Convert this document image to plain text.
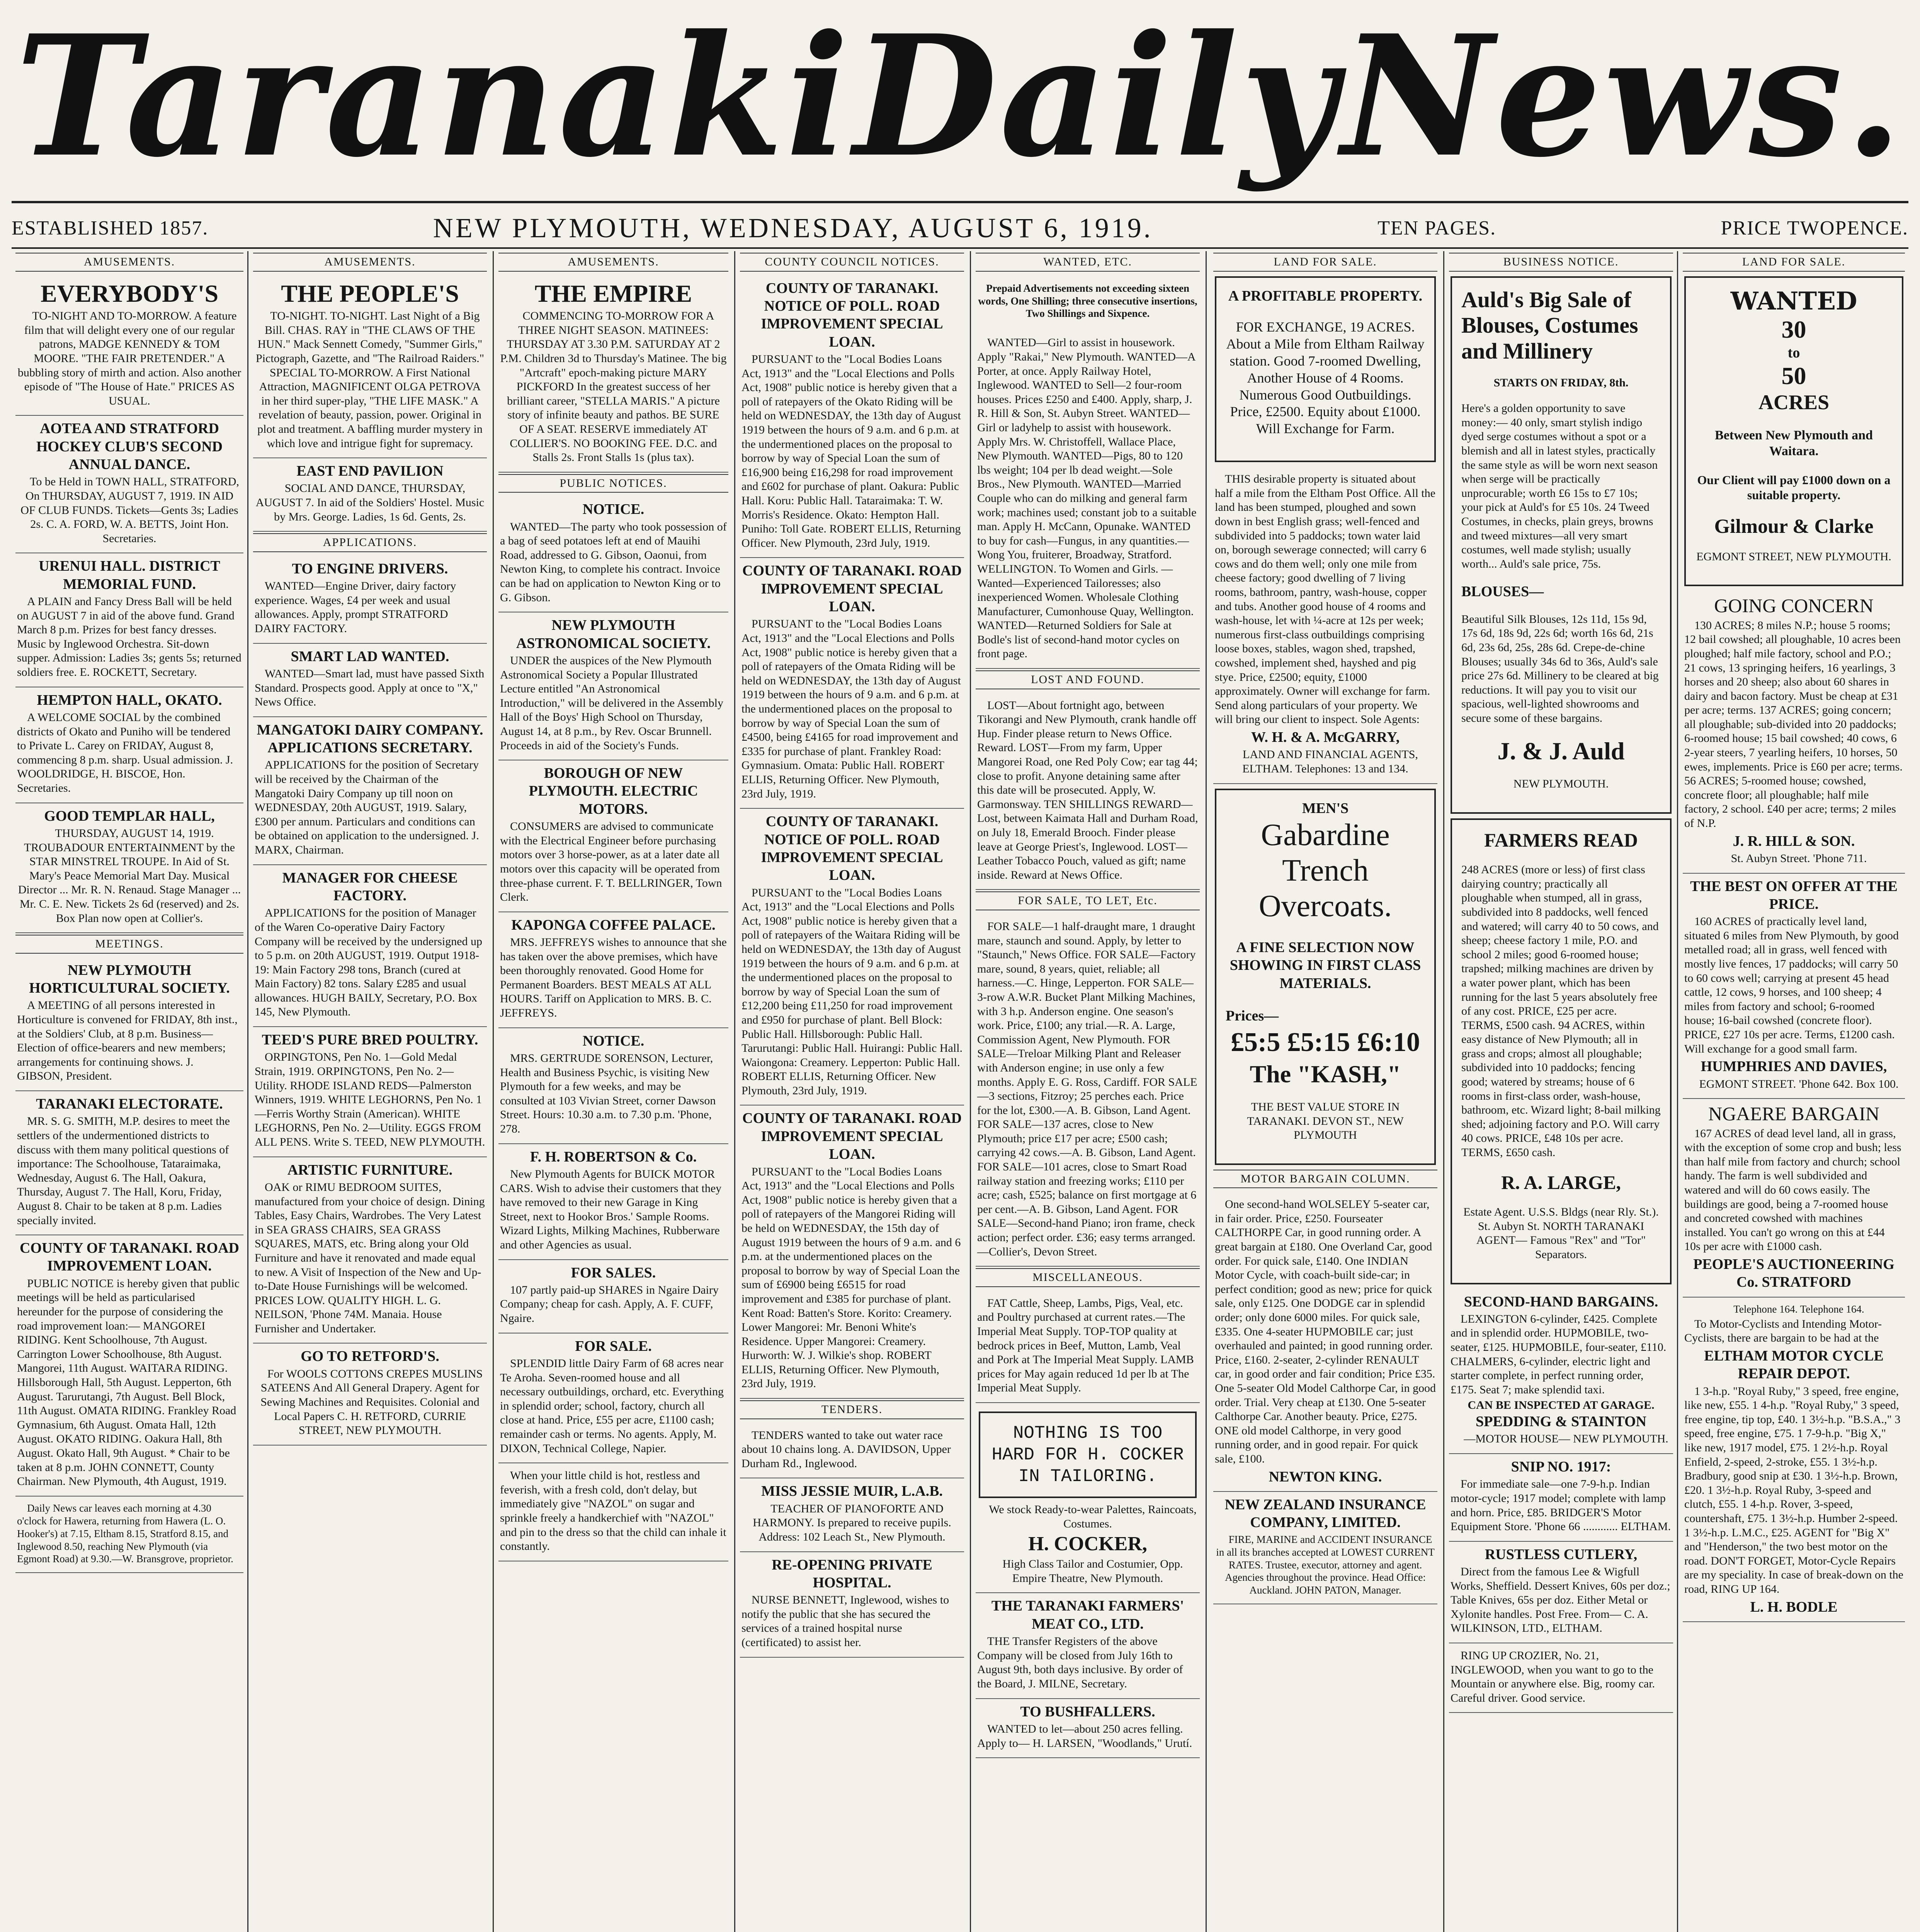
Taranaki Daily News.
ESTABLISHED 1857.	NEW PLYMOUTH, WEDNESDAY, AUGUST 6, 1919.	TEN PAGES.	PRICE TWOPENCE.
AMUSEMENTS.
EVERYBODY'S

TO-NIGHT AND TO-MORROW. A feature film that will delight every one of our regular patrons, MADGE KENNEDY & TOM MOORE. "THE FAIR PRETENDER." A bubbling story of mirth and action. Also another episode of "The House of Hate." PRICES AS USUAL.

AOTEA AND STRATFORD HOCKEY CLUB'S SECOND ANNUAL DANCE.

To be Held in TOWN HALL, STRATFORD, On THURSDAY, AUGUST 7, 1919. IN AID OF CLUB FUNDS. Tickets—Gents 3s; Ladies 2s. C. A. FORD, W. A. BETTS, Joint Hon. Secretaries.

URENUI HALL. DISTRICT MEMORIAL FUND.

A PLAIN and Fancy Dress Ball will be held on AUGUST 7 in aid of the above fund. Grand March 8 p.m. Prizes for best fancy dresses. Music by Inglewood Orchestra. Sit-down supper. Admission: Ladies 3s; gents 5s; returned soldiers free. E. ROCKETT, Secretary.

HEMPTON HALL, OKATO.

A WELCOME SOCIAL by the combined districts of Okato and Puniho will be tendered to Private L. Carey on FRIDAY, August 8, commencing 8 p.m. sharp. Usual admission. J. WOOLDRIDGE, H. BISCOE, Hon. Secretaries.

GOOD TEMPLAR HALL,

THURSDAY, AUGUST 14, 1919. TROUBADOUR ENTERTAINMENT by the STAR MINSTREL TROUPE. In Aid of St. Mary's Peace Memorial Mart Day. Musical Director ... Mr. R. N. Renaud. Stage Manager ... Mr. C. E. New. Tickets 2s 6d (reserved) and 2s. Box Plan now open at Collier's.

MEETINGS.
NEW PLYMOUTH HORTICULTURAL SOCIETY.

A MEETING of all persons interested in Horticulture is convened for FRIDAY, 8th inst., at the Soldiers' Club, at 8 p.m. Business—Election of office-bearers and new members; arrangements for continuing shows. J. GIBSON, President.

TARANAKI ELECTORATE.

MR. S. G. SMITH, M.P. desires to meet the settlers of the undermentioned districts to discuss with them many political questions of importance: The Schoolhouse, Tataraimaka, Wednesday, August 6. The Hall, Oakura, Thursday, August 7. The Hall, Koru, Friday, August 8. Chair to be taken at 8 p.m. Ladies specially invited.

COUNTY OF TARANAKI. ROAD IMPROVEMENT LOAN.

PUBLIC NOTICE is hereby given that public meetings will be held as particularised hereunder for the purpose of considering the road improvement loan:— MANGOREI RIDING. Kent Schoolhouse, 7th August. Carrington Lower Schoolhouse, 8th August. Mangorei, 11th August. WAITARA RIDING. Hillsborough Hall, 5th August. Lepperton, 6th August. Tarurutangi, 7th August. Bell Block, 11th August. OMATA RIDING. Frankley Road Gymnasium, 6th August. Omata Hall, 12th August. OKATO RIDING. Oakura Hall, 8th August. Okato Hall, 9th August. * Chair to be taken at 8 p.m. JOHN CONNETT, County Chairman. New Plymouth, 4th August, 1919.

Daily News car leaves each morning at 4.30 o'clock for Hawera, returning from Hawera (L. O. Hooker's) at 7.15, Eltham 8.15, Stratford 8.15, and Inglewood 8.50, reaching New Plymouth (via Egmont Road) at 9.30.—W. Bransgrove, proprietor.

AMUSEMENTS.
THE PEOPLE'S

TO-NIGHT. TO-NIGHT. Last Night of a Big Bill. CHAS. RAY in "THE CLAWS OF THE HUN." Mack Sennett Comedy, "Summer Girls," Pictograph, Gazette, and "The Railroad Raiders." SPECIAL TO-MORROW. A First National Attraction, MAGNIFICENT OLGA PETROVA in her third super-play, "THE LIFE MASK." A revelation of beauty, passion, power. Original in plot and treatment. A baffling murder mystery in which love and intrigue fight for supremacy.

EAST END PAVILION

SOCIAL AND DANCE, THURSDAY, AUGUST 7. In aid of the Soldiers' Hostel. Music by Mrs. George. Ladies, 1s 6d. Gents, 2s.

APPLICATIONS.
TO ENGINE DRIVERS.

WANTED—Engine Driver, dairy factory experience. Wages, £4 per week and usual allowances. Apply, prompt STRATFORD DAIRY FACTORY.

SMART LAD WANTED.

WANTED—Smart lad, must have passed Sixth Standard. Prospects good. Apply at once to "X," News Office.

MANGATOKI DAIRY COMPANY. APPLICATIONS SECRETARY.

APPLICATIONS for the position of Secretary will be received by the Chairman of the Mangatoki Dairy Company up till noon on WEDNESDAY, 20th AUGUST, 1919. Salary, £300 per annum. Particulars and conditions can be obtained on application to the undersigned. J. MARX, Chairman.

MANAGER FOR CHEESE FACTORY.

APPLICATIONS for the position of Manager of the Waren Co-operative Dairy Factory Company will be received by the undersigned up to 5 p.m. on 20th AUGUST, 1919. Output 1918-19: Main Factory 298 tons, Branch (cured at Main Factory) 82 tons. Salary £285 and usual allowances. HUGH BAILY, Secretary, P.O. Box 145, New Plymouth.

TEED'S PURE BRED POULTRY.

ORPINGTONS, Pen No. 1—Gold Medal Strain, 1919. ORPINGTONS, Pen No. 2—Utility. RHODE ISLAND REDS—Palmerston Winners, 1919. WHITE LEGHORNS, Pen No. 1—Ferris Worthy Strain (American). WHITE LEGHORNS, Pen No. 2—Utility. EGGS FROM ALL PENS. Write S. TEED, NEW PLYMOUTH.

ARTISTIC FURNITURE.

OAK or RIMU BEDROOM SUITES, manufactured from your choice of design. Dining Tables, Easy Chairs, Wardrobes. The Very Latest in SEA GRASS CHAIRS, SEA GRASS SQUARES, MATS, etc. Bring along your Old Furniture and have it renovated and made equal to new. A Visit of Inspection of the New and Up-to-Date House Furnishings will be welcomed. PRICES LOW. QUALITY HIGH. L. G. NEILSON, 'Phone 74M. Manaia. House Furnisher and Undertaker.

GO TO RETFORD'S.

For WOOLS COTTONS CREPES MUSLINS SATEENS And All General Drapery. Agent for Sewing Machines and Requisites. Colonial and Local Papers C. H. RETFORD, CURRIE STREET, NEW PLYMOUTH.

AMUSEMENTS.
THE EMPIRE

COMMENCING TO-MORROW FOR A THREE NIGHT SEASON. MATINEES: THURSDAY AT 3.30 P.M. SATURDAY AT 2 P.M. Children 3d to Thursday's Matinee. The big "Artcraft" epoch-making picture MARY PICKFORD In the greatest success of her brilliant career, "STELLA MARIS." A picture story of infinite beauty and pathos. BE SURE OF A SEAT. RESERVE immediately AT COLLIER'S. NO BOOKING FEE. D.C. and Stalls 2s. Front Stalls 1s (plus tax).

PUBLIC NOTICES.
NOTICE.

WANTED—The party who took possession of a bag of seed potatoes left at end of Mauihi Road, addressed to G. Gibson, Oaonui, from Newton King, to complete his contract. Invoice can be had on application to Newton King or to G. Gibson.

NEW PLYMOUTH ASTRONOMICAL SOCIETY.

UNDER the auspices of the New Plymouth Astronomical Society a Popular Illustrated Lecture entitled "An Astronomical Introduction," will be delivered in the Assembly Hall of the Boys' High School on Thursday, August 14, at 8 p.m., by Rev. Oscar Brunnell. Proceeds in aid of the Society's Funds.

BOROUGH OF NEW PLYMOUTH. ELECTRIC MOTORS.

CONSUMERS are advised to communicate with the Electrical Engineer before purchasing motors over 3 horse-power, as at a later date all motors over this capacity will be operated from three-phase current. F. T. BELLRINGER, Town Clerk.

KAPONGA COFFEE PALACE.

MRS. JEFFREYS wishes to announce that she has taken over the above premises, which have been thoroughly renovated. Good Home for Permanent Boarders. BEST MEALS AT ALL HOURS. Tariff on Application to MRS. B. C. JEFFREYS.

NOTICE.

MRS. GERTRUDE SORENSON, Lecturer, Health and Business Psychic, is visiting New Plymouth for a few weeks, and may be consulted at 103 Vivian Street, corner Dawson Street. Hours: 10.30 a.m. to 7.30 p.m. 'Phone, 278.

F. H. ROBERTSON & Co.

New Plymouth Agents for BUICK MOTOR CARS. Wish to advise their customers that they have removed to their new Garage in King Street, next to Hookor Bros.' Sample Rooms. Wizard Lights, Milking Machines, Rubberware and other Agencies as usual.

FOR SALES.

107 partly paid-up SHARES in Ngaire Dairy Company; cheap for cash. Apply, A. F. CUFF, Ngaire.

FOR SALE.

SPLENDID little Dairy Farm of 68 acres near Te Aroha. Seven-roomed house and all necessary outbuildings, orchard, etc. Everything in splendid order; school, factory, church all close at hand. Price, £55 per acre, £1100 cash; remainder cash or terms. No agents. Apply, M. DIXON, Technical College, Napier.

When your little child is hot, restless and feverish, with a fresh cold, don't delay, but immediately give "NAZOL" on sugar and sprinkle freely a handkerchief with "NAZOL" and pin to the dress so that the child can inhale it constantly.

COUNTY COUNCIL NOTICES.
COUNTY OF TARANAKI. NOTICE OF POLL. ROAD IMPROVEMENT SPECIAL LOAN.

PURSUANT to the "Local Bodies Loans Act, 1913" and the "Local Elections and Polls Act, 1908" public notice is hereby given that a poll of ratepayers of the Okato Riding will be held on WEDNESDAY, the 13th day of August 1919 between the hours of 9 a.m. and 6 p.m. at the undermentioned places on the proposal to borrow by way of Special Loan the sum of £16,900 being £16,298 for road improvement and £602 for purchase of plant. Oakura: Public Hall. Koru: Public Hall. Tataraimaka: T. W. Morris's Residence. Okato: Hempton Hall. Puniho: Toll Gate. ROBERT ELLIS, Returning Officer. New Plymouth, 23rd July, 1919.

COUNTY OF TARANAKI. ROAD IMPROVEMENT SPECIAL LOAN.

PURSUANT to the "Local Bodies Loans Act, 1913" and the "Local Elections and Polls Act, 1908" public notice is hereby given that a poll of ratepayers of the Omata Riding will be held on WEDNESDAY, the 13th day of August 1919 between the hours of 9 a.m. and 6 p.m. at the undermentioned places on the proposal to borrow by way of Special Loan the sum of £4500, being £4165 for road improvement and £335 for purchase of plant. Frankley Road: Gymnasium. Omata: Public Hall. ROBERT ELLIS, Returning Officer. New Plymouth, 23rd July, 1919.

COUNTY OF TARANAKI. NOTICE OF POLL. ROAD IMPROVEMENT SPECIAL LOAN.

PURSUANT to the "Local Bodies Loans Act, 1913" and the "Local Elections and Polls Act, 1908" public notice is hereby given that a poll of ratepayers of the Waitara Riding will be held on WEDNESDAY, the 13th day of August 1919 between the hours of 9 a.m. and 6 p.m. at the undermentioned places on the proposal to borrow by way of Special Loan the sum of £12,200 being £11,250 for road improvement and £950 for purchase of plant. Bell Block: Public Hall. Hillsborough: Public Hall. Tarurutangi: Public Hall. Huirangi: Public Hall. Waiongona: Creamery. Lepperton: Public Hall. ROBERT ELLIS, Returning Officer. New Plymouth, 23rd July, 1919.

COUNTY OF TARANAKI. ROAD IMPROVEMENT SPECIAL LOAN.

PURSUANT to the "Local Bodies Loans Act, 1913" and the "Local Elections and Polls Act, 1908" public notice is hereby given that a poll of ratepayers of the Mangorei Riding will be held on WEDNESDAY, the 15th day of August 1919 between the hours of 9 a.m. and 6 p.m. at the undermentioned places on the proposal to borrow by way of Special Loan the sum of £6900 being £6515 for road improvement and £385 for purchase of plant. Kent Road: Batten's Store. Korito: Creamery. Lower Mangorei: Mr. Benoni White's Residence. Upper Mangorei: Creamery. Hurworth: W. J. Wilkie's shop. ROBERT ELLIS, Returning Officer. New Plymouth, 23rd July, 1919.

TENDERS.

TENDERS wanted to take out water race about 10 chains long. A. DAVIDSON, Upper Durham Rd., Inglewood.

MISS JESSIE MUIR, L.A.B.

TEACHER OF PIANOFORTE AND HARMONY. Is prepared to receive pupils. Address: 102 Leach St., New Plymouth.

RE-OPENING PRIVATE HOSPITAL.

NURSE BENNETT, Inglewood, wishes to notify the public that she has secured the services of a trained hospital nurse (certificated) to assist her.

WANTED, ETC.

Prepaid Advertisements not exceeding sixteen words, One Shilling; three consecutive insertions, Two Shillings and Sixpence.

WANTED—Girl to assist in housework. Apply "Rakai," New Plymouth. WANTED—A Porter, at once. Apply Railway Hotel, Inglewood. WANTED to Sell—2 four-room houses. Prices £250 and £400. Apply, sharp, J. R. Hill & Son, St. Aubyn Street. WANTED—Girl or ladyhelp to assist with housework. Apply Mrs. W. Christoffell, Wallace Place, New Plymouth. WANTED—Pigs, 80 to 120 lbs weight; 104 per lb dead weight.—Sole Bros., New Plymouth. WANTED—Married Couple who can do milking and general farm work; machines used; constant job to a suitable man. Apply H. McCann, Opunake. WANTED to buy for cash—Fungus, in any quantities.—Wong You, fruiterer, Broadway, Stratford. WELLINGTON. To Women and Girls. —Wanted—Experienced Tailoresses; also inexperienced Women. Wholesale Clothing Manufacturer, Cumonhouse Quay, Wellington. WANTED—Returned Soldiers for Sale at Bodle's list of second-hand motor cycles on front page.

LOST AND FOUND.

LOST—About fortnight ago, between Tikorangi and New Plymouth, crank handle off Hup. Finder please return to News Office. Reward. LOST—From my farm, Upper Mangorei Road, one Red Poly Cow; ear tag 44; close to profit. Anyone detaining same after this date will be prosecuted. Apply, W. Garmonsway. TEN SHILLINGS REWARD—Lost, between Kaimata Hall and Durham Road, on July 18, Emerald Brooch. Finder please leave at George Priest's, Inglewood. LOST—Leather Tobacco Pouch, valued as gift; name inside. Reward at News Office.

FOR SALE, TO LET, Etc.

FOR SALE—1 half-draught mare, 1 draught mare, staunch and sound. Apply, by letter to "Staunch," News Office. FOR SALE—Factory mare, sound, 8 years, quiet, reliable; all harness.—C. Hinge, Lepperton. FOR SALE—3-row A.W.R. Bucket Plant Milking Machines, with 3 h.p. Anderson engine. One season's work. Price, £100; any trial.—R. A. Large, Commission Agent, New Plymouth. FOR SALE—Treloar Milking Plant and Releaser with Anderson engine; in use only a few months. Apply E. G. Ross, Cardiff. FOR SALE—3 sections, Fitzroy; 25 perches each. Price for the lot, £300.—A. B. Gibson, Land Agent. FOR SALE—137 acres, close to New Plymouth; price £17 per acre; £500 cash; carrying 42 cows.—A. B. Gibson, Land Agent. FOR SALE—101 acres, close to Smart Road railway station and freezing works; £110 per acre; cash, £525; balance on first mortgage at 6 per cent.—A. B. Gibson, Land Agent. FOR SALE—Second-hand Piano; iron frame, check action; perfect order. £36; easy terms arranged.—Collier's, Devon Street.

MISCELLANEOUS.

FAT Cattle, Sheep, Lambs, Pigs, Veal, etc. and Poultry purchased at current rates.—The Imperial Meat Supply. TOP-TOP quality at bedrock prices in Beef, Mutton, Lamb, Veal and Pork at The Imperial Meat Supply. LAMB prices for May again reduced 1d per lb at The Imperial Meat Supply.

NOTHING IS TOO HARD FOR H. COCKER IN TAILORING.

We stock Ready-to-wear Palettes, Raincoats, Costumes.

H. COCKER,

High Class Tailor and Costumier, Opp. Empire Theatre, New Plymouth.

THE TARANAKI FARMERS' MEAT CO., LTD.

THE Transfer Registers of the above Company will be closed from July 16th to August 9th, both days inclusive. By order of the Board, J. MILNE, Secretary.

TO BUSHFALLERS.

WANTED to let—about 250 acres felling. Apply to— H. LARSEN, "Woodlands," Urutí.

LAND FOR SALE.
A PROFITABLE PROPERTY.

FOR EXCHANGE, 19 ACRES. About a Mile from Eltham Railway station. Good 7-roomed Dwelling, Another House of 4 Rooms. Numerous Good Outbuildings. Price, £2500. Equity about £1000. Will Exchange for Farm.

THIS desirable property is situated about half a mile from the Eltham Post Office. All the land has been stumped, ploughed and sown down in best English grass; well-fenced and subdivided into 5 paddocks; town water laid on, borough sewerage connected; will carry 6 cows and do them well; only one mile from cheese factory; good dwelling of 7 living rooms, bathroom, pantry, wash-house, copper and tubs. Another good house of 4 rooms and wash-house, let with ¼-acre at 12s per week; numerous first-class outbuildings comprising loose boxes, stables, wagon shed, trapshed, cowshed, implement shed, hayshed and pig stye. Price, £2500; equity, £1000 approximately. Owner will exchange for farm. Send along particulars of your property. We will bring our client to inspect. Sole Agents:

W. H. & A. McGARRY,

LAND AND FINANCIAL AGENTS, ELTHAM. Telephones: 13 and 134.

MEN'S
Gabardine Trench Overcoats.

A FINE SELECTION NOW SHOWING IN FIRST CLASS MATERIALS.

Prices—
£5:5 £5:15 £6:10
The "KASH,"

THE BEST VALUE STORE IN TARANAKI. DEVON ST., NEW PLYMOUTH

MOTOR BARGAIN COLUMN.

One second-hand WOLSELEY 5-seater car, in fair order. Price, £250. Fourseater CALTHORPE Car, in good running order. A great bargain at £180. One Overland Car, good order. For quick sale, £140. One INDIAN Motor Cycle, with coach-built side-car; in perfect condition; good as new; price for quick sale, only £125. One DODGE car in splendid order; only done 6000 miles. For quick sale, £335. One 4-seater HUPMOBILE car; just overhauled and painted; in good running order. Price, £160. 2-seater, 2-cylinder RENAULT car, in good order and fair condition; Price £35. One 5-seater Old Model Calthorpe Car, in good order. Trial. Very cheap at £130. One 5-seater Calthorpe Car. Another beauty. Price, £275. ONE old model Calthorpe, in very good running order, and in good repair. For quick sale, £100.

NEWTON KING.
NEW ZEALAND INSURANCE COMPANY, LIMITED.

FIRE, MARINE and ACCIDENT INSURANCE in all its branches accepted at LOWEST CURRENT RATES. Trustee, executor, attorney and agent. Agencies throughout the province. Head Office: Auckland. JOHN PATON, Manager.

BUSINESS NOTICE.
Auld's Big Sale of Blouses, Costumes and Millinery

STARTS ON FRIDAY, 8th.

Here's a golden opportunity to save money:— 40 only, smart stylish indigo dyed serge costumes without a spot or a blemish and all in latest styles, practically the same style as will be worn next season when serge will be practically unprocurable; worth £6 15s to £7 10s; your pick at Auld's for £5 10s. 24 Tweed Costumes, in checks, plain greys, browns and tweed mixtures—all very smart costumes, well made stylish; usually worth... Auld's sale price, 75s.

BLOUSES—

Beautiful Silk Blouses, 12s 11d, 15s 9d, 17s 6d, 18s 9d, 22s 6d; worth 16s 6d, 21s 6d, 23s 6d, 25s, 28s 6d. Crepe-de-chine Blouses; usually 34s 6d to 36s, Auld's sale price 27s 6d. Millinery to be cleared at big reductions. It will pay you to visit our spacious, well-lighted showrooms and secure some of these bargains.

J. & J. Auld

NEW PLYMOUTH.

FARMERS READ

248 ACRES (more or less) of first class dairying country; practically all ploughable when stumped, all in grass, subdivided into 8 paddocks, well fenced and watered; will carry 40 to 50 cows, and sheep; cheese factory 1 mile, P.O. and school 2 miles; good 6-roomed house; trapshed; milking machines are driven by a water power plant, which has been running for the last 5 years absolutely free of any cost. PRICE, £25 per acre. TERMS, £500 cash. 94 ACRES, within easy distance of New Plymouth; all in grass and crops; almost all ploughable; subdivided into 10 paddocks; fencing good; watered by streams; house of 6 rooms in first-class order, wash-house, bathroom, etc. Wizard light; 8-bail milking shed; adjoining factory and P.O. Will carry 40 cows. PRICE, £48 10s per acre. TERMS, £650 cash.

R. A. LARGE,

Estate Agent. U.S.S. Bldgs (near Rly. St.). St. Aubyn St. NORTH TARANAKI AGENT— Famous "Rex" and "Tor" Separators.

SECOND-HAND BARGAINS.

LEXINGTON 6-cylinder, £425. Complete and in splendid order. HUPMOBILE, two-seater, £125. HUPMOBILE, four-seater, £110. CHALMERS, 6-cylinder, electric light and starter complete, in perfect running order, £175. Seat 7; make splendid taxi.

CAN BE INSPECTED AT GARAGE.
SPEDDING & STAINTON

—MOTOR HOUSE— NEW PLYMOUTH.

SNIP NO. 1917:

For immediate sale—one 7-9-h.p. Indian motor-cycle; 1917 model; complete with lamp and horn. Price, £85. BRIDGER'S Motor Equipment Store. 'Phone 66 ............ ELTHAM.

RUSTLESS CUTLERY,

Direct from the famous Lee & Wigfull Works, Sheffield. Dessert Knives, 60s per doz.; Table Knives, 65s per doz. Either Metal or Xylonite handles. Post Free. From— C. A. WILKINSON, LTD., ELTHAM.

RING UP CROZIER, No. 21, INGLEWOOD, when you want to go to the Mountain or anywhere else. Big, roomy car. Careful driver. Good service.

LAND FOR SALE.
WANTED
30
to
50
ACRES

Between New Plymouth and Waitara.

Our Client will pay £1000 down on a suitable property.

Gilmour & Clarke

EGMONT STREET, NEW PLYMOUTH.

GOING CONCERN

130 ACRES; 8 miles N.P.; house 5 rooms; 12 bail cowshed; all ploughable, 10 acres been ploughed; half mile factory, school and P.O.; 21 cows, 13 springing heifers, 16 yearlings, 3 horses and 20 sheep; also about 60 shares in dairy and bacon factory. Must be cheap at £31 per acre; terms. 137 ACRES; going concern; all ploughable; sub-divided into 20 paddocks; 6-roomed house; 15 bail cowshed; 40 cows, 6 2-year steers, 7 yearling heifers, 10 horses, 50 ewes, implements. Price is £60 per acre; terms. 56 ACRES; 5-roomed house; cowshed, concrete floor; all ploughable; half mile factory, 2 school. £40 per acre; terms; 2 miles of N.P.

J. R. HILL & SON.

St. Aubyn Street. 'Phone 711.

THE BEST ON OFFER AT THE PRICE.

160 ACRES of practically level land, situated 6 miles from New Plymouth, by good metalled road; all in grass, well fenced with mostly live fences, 17 paddocks; will carry 50 to 60 cows well; carrying at present 45 head cattle, 12 cows, 9 horses, and 100 sheep; 4 miles from factory and school; 6-roomed house; 16-bail cowshed (concrete floor). PRICE, £27 10s per acre. Terms, £1200 cash. Will exchange for a good small farm.

HUMPHRIES AND DAVIES,

EGMONT STREET. 'Phone 642. Box 100.

NGAERE BARGAIN

167 ACRES of dead level land, all in grass, with the exception of some crop and bush; less than half mile from factory and church; school handy. The farm is well subdivided and watered and will do 60 cows easily. The buildings are good, being a 7-roomed house and concreted cowshed with machines installed. You can't go wrong on this at £44 10s per acre with £1000 cash.

PEOPLE'S AUCTIONEERING Co. STRATFORD

Telephone 164. Telephone 164.

To Motor-Cyclists and Intending Motor-Cyclists, there are bargain to be had at the

ELTHAM MOTOR CYCLE REPAIR DEPOT.

1 3-h.p. "Royal Ruby," 3 speed, free engine, like new, £55. 1 4-h.p. "Royal Ruby," 3 speed, free engine, tip top, £40. 1 3½-h.p. "B.S.A.," 3 speed, free engine, £75. 1 7-9-h.p. "Big X," like new, 1917 model, £75. 1 2½-h.p. Royal Enfield, 2-speed, 2-stroke, £55. 1 3½-h.p. Bradbury, good snip at £30. 1 3½-h.p. Brown, £20. 1 3½-h.p. Royal Ruby, 3-speed and clutch, £55. 1 4-h.p. Rover, 3-speed, countershaft, £75. 1 3½-h.p. Humber 2-speed. 1 3½-h.p. L.M.C., £25. AGENT for "Big X" and "Henderson," the two best motor on the road. DON'T FORGET, Motor-Cycle Repairs are my speciality. In case of break-down on the road, RING UP 164.

L. H. BODLE
